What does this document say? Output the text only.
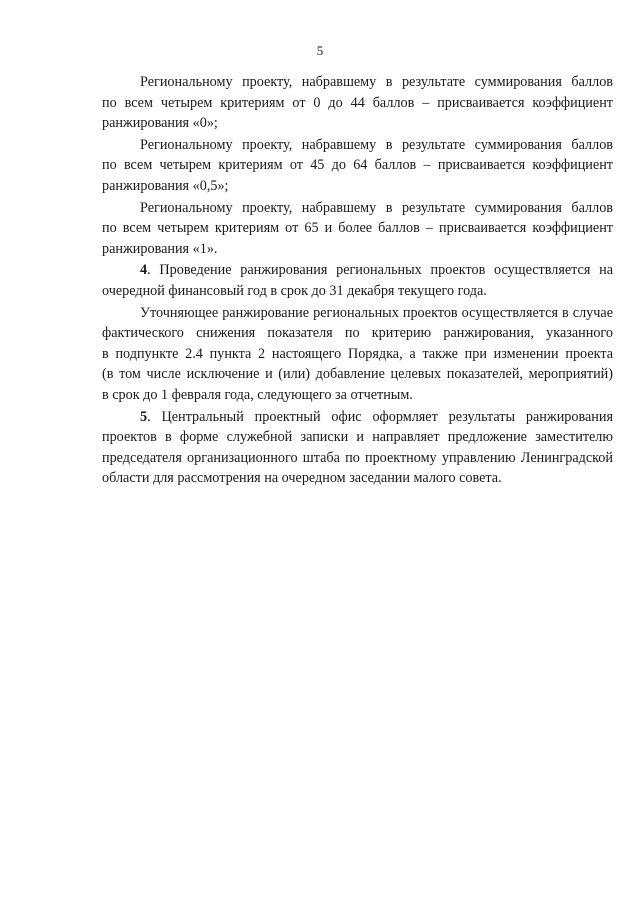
5
Региональному проекту, набравшему в результате суммирования баллов
по всем четырем критериям от 0 до 44 баллов – присваивается коэффициент
ранжирования «0»;
Региональному проекту, набравшему в результате суммирования баллов
по всем четырем критериям от 45 до 64 баллов – присваивается коэффициент
ранжирования «0,5»;
Региональному проекту, набравшему в результате суммирования баллов
по всем четырем критериям от 65 и более баллов – присваивается коэффициент
ранжирования «1».
4. Проведение ранжирования региональных проектов осуществляется на
очередной финансовый год в срок до 31 декабря текущего года.
Уточняющее ранжирование региональных проектов осуществляется в случае
фактического снижения показателя по критерию ранжирования, указанного
в подпункте 2.4 пункта 2 настоящего Порядка, а также при изменении проекта
(в том числе исключение и (или) добавление целевых показателей, мероприятий)
в срок до 1 февраля года, следующего за отчетным.
5. Центральный проектный офис оформляет результаты ранжирования
проектов в форме служебной записки и направляет предложение заместителю
председателя организационного штаба по проектному управлению Ленинградской
области для рассмотрения на очередном заседании малого совета.
